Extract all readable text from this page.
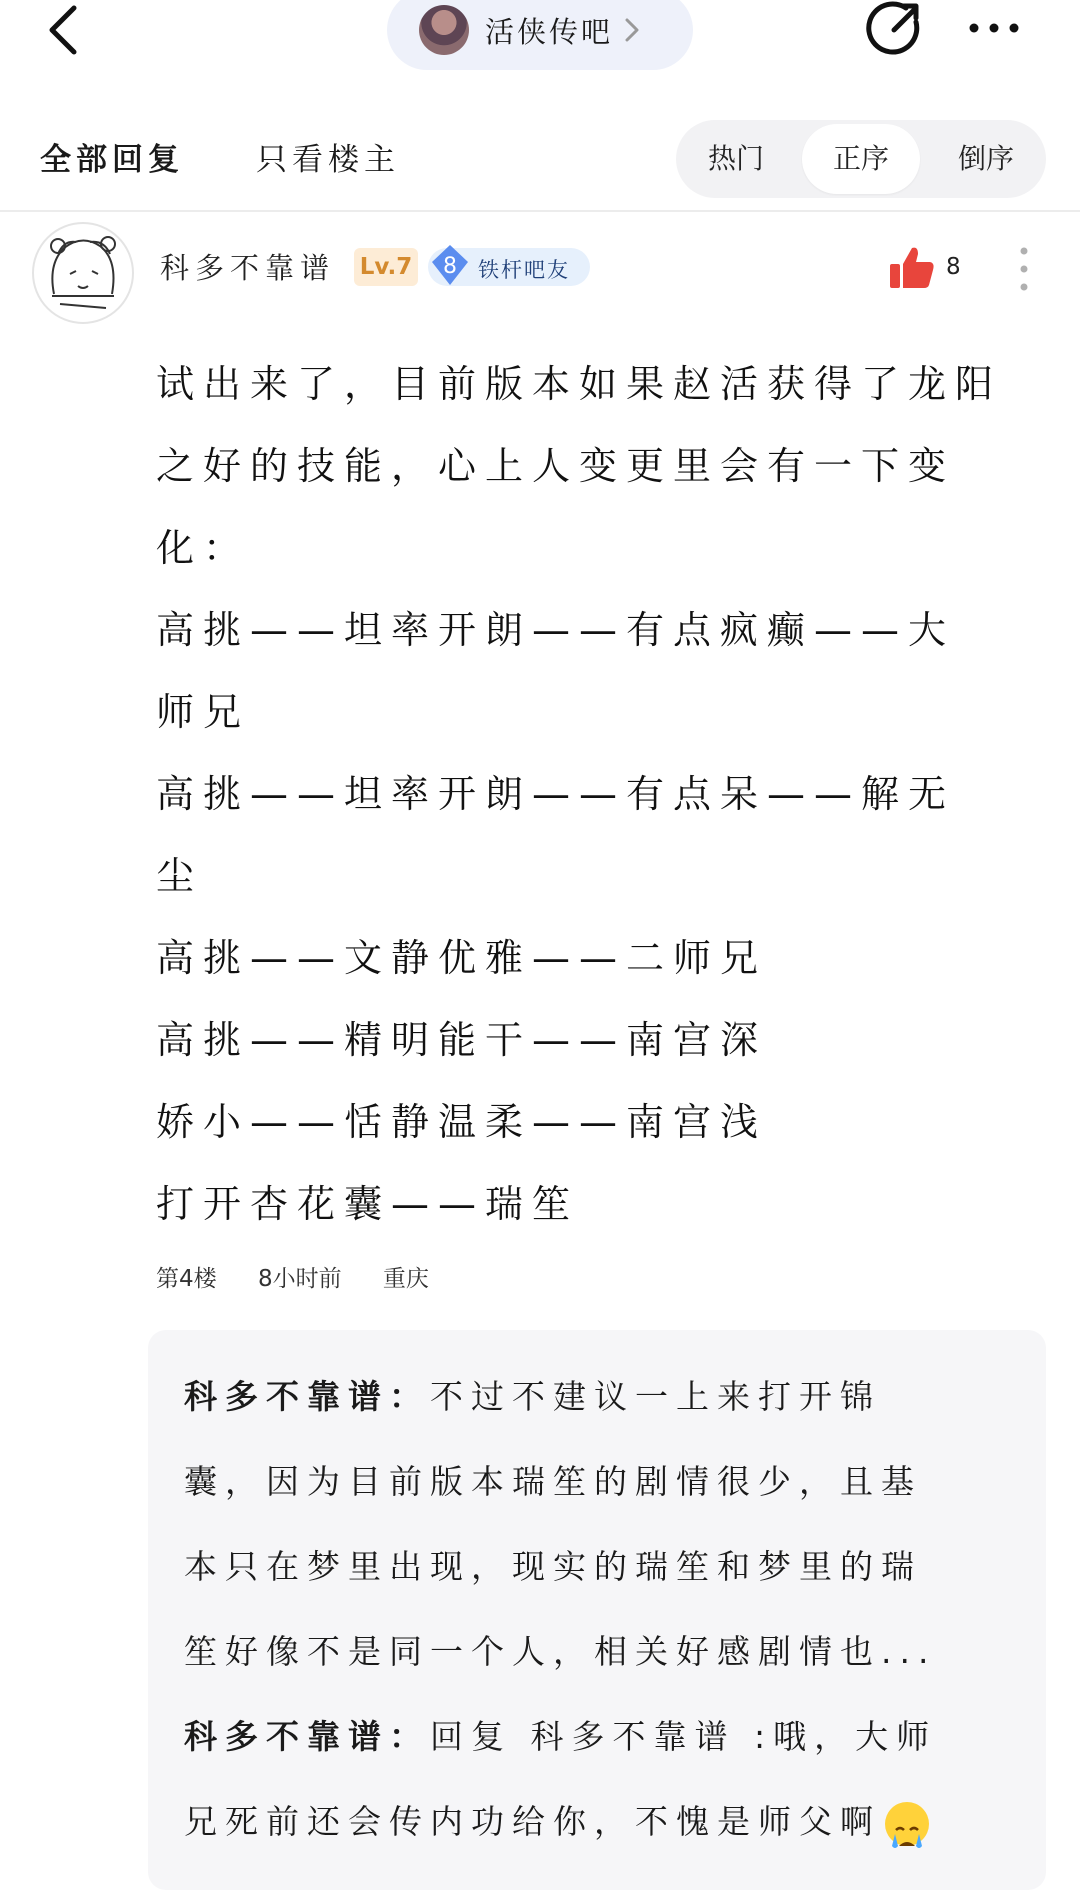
活侠传吧
全部回复 只看楼主	热门	正序	倒序
科多不靠谱 Lv.7 8 铁杆吧友	8
试出来了，目前版本如果赵活获得了龙阳
之好的技能，心上人变更里会有一下变
化：
高挑——坦率开朗——有点疯癫——大
师兄
高挑——坦率开朗——有点呆——解无
尘
高挑——文静优雅——二师兄
高挑——精明能干——南宫深
娇小——恬静温柔——南宫浅
打开杏花囊——瑞笙
第4楼 8小时前 重庆
科多不靠谱：不过不建议一上来打开锦
囊，因为目前版本瑞笙的剧情很少，且基
本只在梦里出现，现实的瑞笙和梦里的瑞
笙好像不是同一个人，相关好感剧情也...
科多不靠谱：回复 科多不靠谱 :哦，大师
兄死前还会传内功给你，不愧是师父啊
